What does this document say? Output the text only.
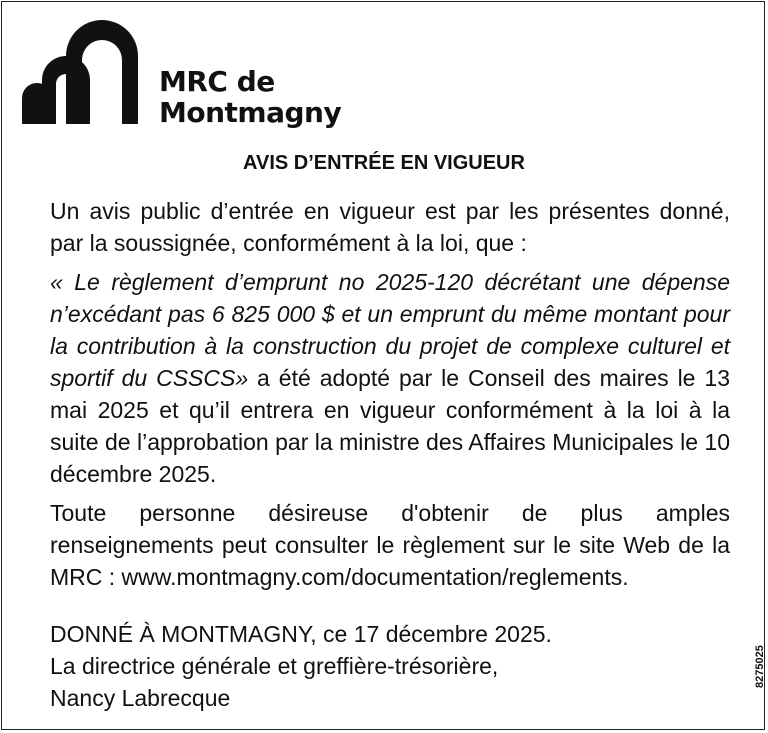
MRC de
Montmagny
AVIS D’ENTRÉE EN VIGUEUR

Un avis public d’entrée en vigueur est par les présentes donné, par la soussignée, conformément à la loi, que :

« Le règlement d’emprunt no 2025-120 décrétant une dépense n’excédant pas 6 825 000 $ et un emprunt du même montant pour la contribution à la construction du projet de complexe culturel et sportif du CSSCS» a été adopté par le Conseil des maires le 13 mai 2025 et qu’il entrera en vigueur conformément à la loi à la suite de l’approbation par la ministre des Affaires Municipales le 10 décembre 2025.

Toute personne désireuse d'obtenir de plus amples renseignements peut consulter le règlement sur le site Web de la MRC : www.montmagny.com/documentation/reglements.

DONNÉ À MONTMAGNY, ce 17 décembre 2025.
La directrice générale et greffière-trésorière,
Nancy Labrecque
8275025
